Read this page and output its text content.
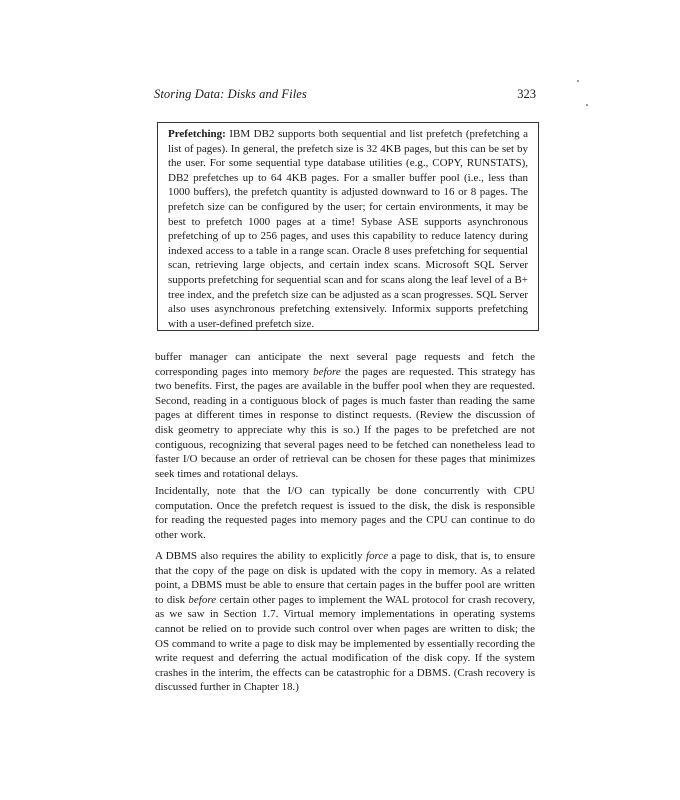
Storing Data: Disks and Files	323
Prefetching: IBM DB2 supports both sequential and list prefetch (prefetching a list of pages). In general, the prefetch size is 32 4KB pages, but this can be set by the user. For some sequential type database utilities (e.g., COPY, RUNSTATS), DB2 prefetches up to 64 4KB pages. For a smaller buffer pool (i.e., less than 1000 buffers), the prefetch quantity is adjusted downward to 16 or 8 pages. The prefetch size can be configured by the user; for certain environments, it may be best to prefetch 1000 pages at a time! Sybase ASE supports asynchronous prefetching of up to 256 pages, and uses this capability to reduce latency during indexed access to a table in a range scan. Oracle 8 uses prefetching for sequential scan, retrieving large objects, and certain index scans. Microsoft SQL Server supports prefetching for sequential scan and for scans along the leaf level of a B+ tree index, and the prefetch size can be adjusted as a scan progresses. SQL Server also uses asynchronous prefetching extensively. Informix supports prefetching with a user-defined prefetch size.

buffer manager can anticipate the next several page requests and fetch the corresponding pages into memory before the pages are requested. This strategy has two benefits. First, the pages are available in the buffer pool when they are requested. Second, reading in a contiguous block of pages is much faster than reading the same pages at different times in response to distinct requests. (Review the discussion of disk geometry to appreciate why this is so.) If the pages to be prefetched are not contiguous, recognizing that several pages need to be fetched can nonetheless lead to faster I/O because an order of retrieval can be chosen for these pages that minimizes seek times and rotational delays.

Incidentally, note that the I/O can typically be done concurrently with CPU computation. Once the prefetch request is issued to the disk, the disk is responsible for reading the requested pages into memory pages and the CPU can continue to do other work.

A DBMS also requires the ability to explicitly force a page to disk, that is, to ensure that the copy of the page on disk is updated with the copy in memory. As a related point, a DBMS must be able to ensure that certain pages in the buffer pool are written to disk before certain other pages to implement the WAL protocol for crash recovery, as we saw in Section 1.7. Virtual memory implementations in operating systems cannot be relied on to provide such control over when pages are written to disk; the OS command to write a page to disk may be implemented by essentially recording the write request and deferring the actual modification of the disk copy. If the system crashes in the interim, the effects can be catastrophic for a DBMS. (Crash recovery is discussed further in Chapter 18.)
